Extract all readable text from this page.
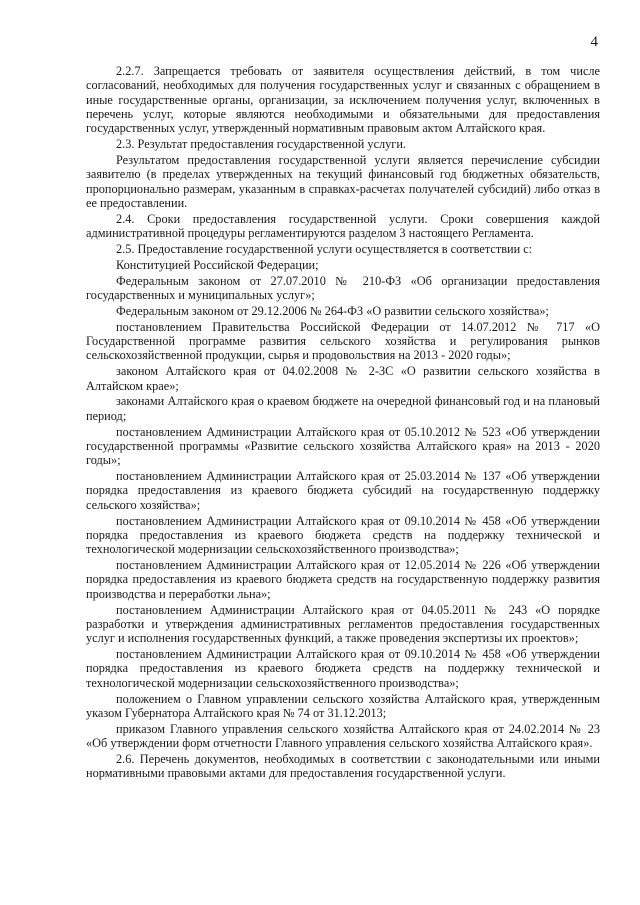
4

2.2.7. Запрещается требовать от заявителя осуществления действий, в том числе согласований, необходимых для получения государственных услуг и связанных с обращением в иные государственные органы, организации, за исключением получения услуг, включенных в перечень услуг, которые являются необходимыми и обязательными для предоставления государственных услуг, утвержденный нормативным правовым актом Алтайского края.

2.3. Результат предоставления государственной услуги.

Результатом предоставления государственной услуги является перечисление субсидии заявителю (в пределах утвержденных на текущий финансовый год бюджетных обязательств, пропорционально размерам, указанным в справках-расчетах получателей субсидий) либо отказ в ее предоставлении.

2.4. Сроки предоставления государственной услуги. Сроки совершения каждой административной процедуры регламентируются разделом 3 настоящего Регламента.

2.5. Предоставление государственной услуги осуществляется в соответствии с:

Конституцией Российской Федерации;

Федеральным законом от 27.07.2010 № 210-ФЗ «Об организации предоставления государственных и муниципальных услуг»;

Федеральным законом от 29.12.2006 № 264-ФЗ «О развитии сельского хозяйства»;

постановлением Правительства Российской Федерации от 14.07.2012 № 717 «О Государственной программе развития сельского хозяйства и регулирования рынков сельскохозяйственной продукции, сырья и продовольствия на 2013 - 2020 годы»;

законом Алтайского края от 04.02.2008 № 2-ЗС «О развитии сельского хозяйства в Алтайском крае»;

законами Алтайского края о краевом бюджете на очередной финансовый год и на плановый период;

постановлением Администрации Алтайского края от 05.10.2012 № 523 «Об утверждении государственной программы «Развитие сельского хозяйства Алтайского края» на 2013 - 2020 годы»;

постановлением Администрации Алтайского края от 25.03.2014 № 137 «Об утверждении порядка предоставления из краевого бюджета субсидий на государственную поддержку сельского хозяйства»;

постановлением Администрации Алтайского края от 09.10.2014 № 458 «Об утверждении порядка предоставления из краевого бюджета средств на поддержку технической и технологической модернизации сельскохозяйственного производства»;

постановлением Администрации Алтайского края от 12.05.2014 № 226 «Об утверждении порядка предоставления из краевого бюджета средств на государственную поддержку развития производства и переработки льна»;

постановлением Администрации Алтайского края от 04.05.2011 № 243 «О порядке разработки и утверждения административных регламентов предоставления государственных услуг и исполнения государственных функций, а также проведения экспертизы их проектов»;

постановлением Администрации Алтайского края от 09.10.2014 № 458 «Об утверждении порядка предоставления из краевого бюджета средств на поддержку технической и технологической модернизации сельскохозяйственного производства»;

положением о Главном управлении сельского хозяйства Алтайского края, утвержденным указом Губернатора Алтайского края № 74 от 31.12.2013;

приказом Главного управления сельского хозяйства Алтайского края от 24.02.2014 № 23 «Об утверждении форм отчетности Главного управления сельского хозяйства Алтайского края».

2.6. Перечень документов, необходимых в соответствии с законодательными или иными нормативными правовыми актами для предоставления государственной услуги.
